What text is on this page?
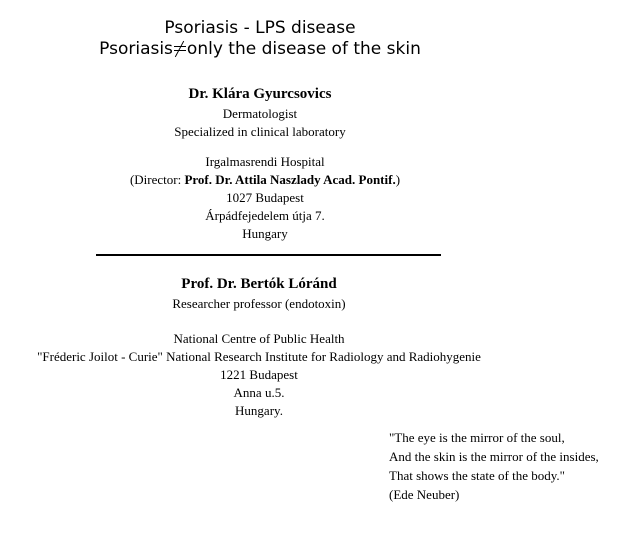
Psoriasis - LPS disease
Psoriasis only the disease of the skin
Dr. Klára Gyurcsovics
Dermatologist
Specialized in clinical laboratory
Irgalmasrendi Hospital
(Director: Prof. Dr. Attila Naszlady Acad. Pontif.)
1027 Budapest
Árpádfejedelem útja 7.
Hungary
Prof. Dr. Bertók Lóránd
Researcher professor (endotoxin)
National Centre of Public Health
"Fréderic Joilot - Curie" National Research Institute for Radiology and Radiohygenie
1221 Budapest
Anna u.5.
Hungary.
"The eye is the mirror of the soul,
And the skin is the mirror of the insides,
That shows the state of the body."
(Ede Neuber)
